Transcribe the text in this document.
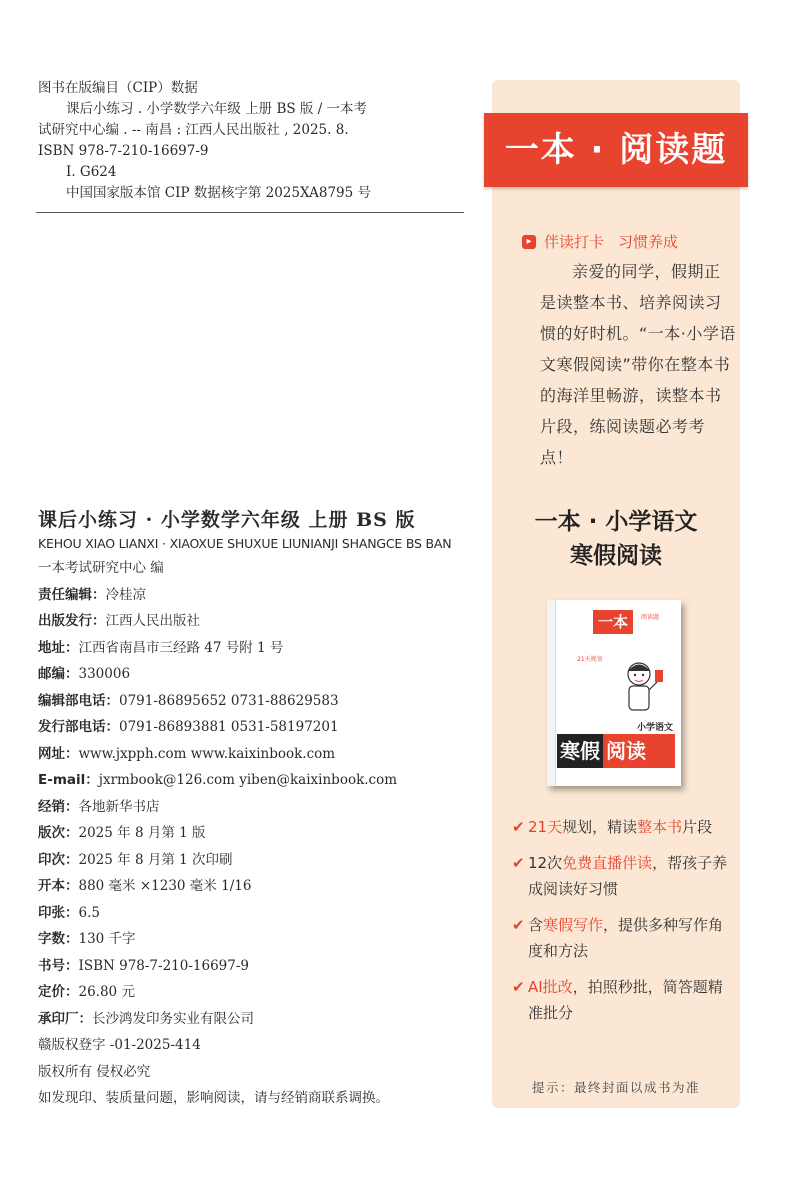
图书在版编目（CIP）数据
课后小练习 . 小学数学六年级 上册 BS 版 / 一本考
试研究中心编 . -- 南昌 : 江西人民出版社 , 2025. 8.
ISBN 978-7-210-16697-9
Ⅰ. G624
中国国家版本馆 CIP 数据核字第 2025XA8795 号
课后小练习 · 小学数学六年级 上册 BS 版
KEHOU XIAO LIANXI · XIAOXUE SHUXUE LIUNIANJI SHANGCE BS BAN
一本考试研究中心 编
责任编辑：冷桂凉
出版发行：江西人民出版社
地址：江西省南昌市三经路 47 号附 1 号
邮编：330006
编辑部电话：0791-86895652 0731-88629583
发行部电话：0791-86893881 0531-58197201
网址：www.jxpph.com www.kaixinbook.com
E-mail：jxrmbook@126.com yiben@kaixinbook.com
经销：各地新华书店
版次：2025 年 8 月第 1 版
印次：2025 年 8 月第 1 次印刷
开本：880 毫米 ×1230 毫米 1/16
印张：6.5
字数：130 千字
书号：ISBN 978-7-210-16697-9
定价：26.80 元
承印厂：长沙鸿发印务实业有限公司
赣版权登字 -01-2025-414
版权所有 侵权必究
如发现印、装质量问题，影响阅读，请与经销商联系调换。
一本 · 阅读题
▸ 伴读打卡 习惯养成
亲爱的同学，假期正是读整本书、培养阅读习惯的好时机。“一本·小学语文寒假阅读”带你在整本书的海洋里畅游，读整本书片段，练阅读题必考考点！
一本 · 小学语文
寒假阅读
一本	阅读题
21天规划
小学语文
寒假 阅读
✔ 21天规划，精读整本书片段
✔ 12次免费直播伴读，帮孩子养成阅读好习惯
✔ 含寒假写作，提供多种写作角度和方法
✔ AI批改，拍照秒批，简答题精准批分
提示：最终封面以成书为准
